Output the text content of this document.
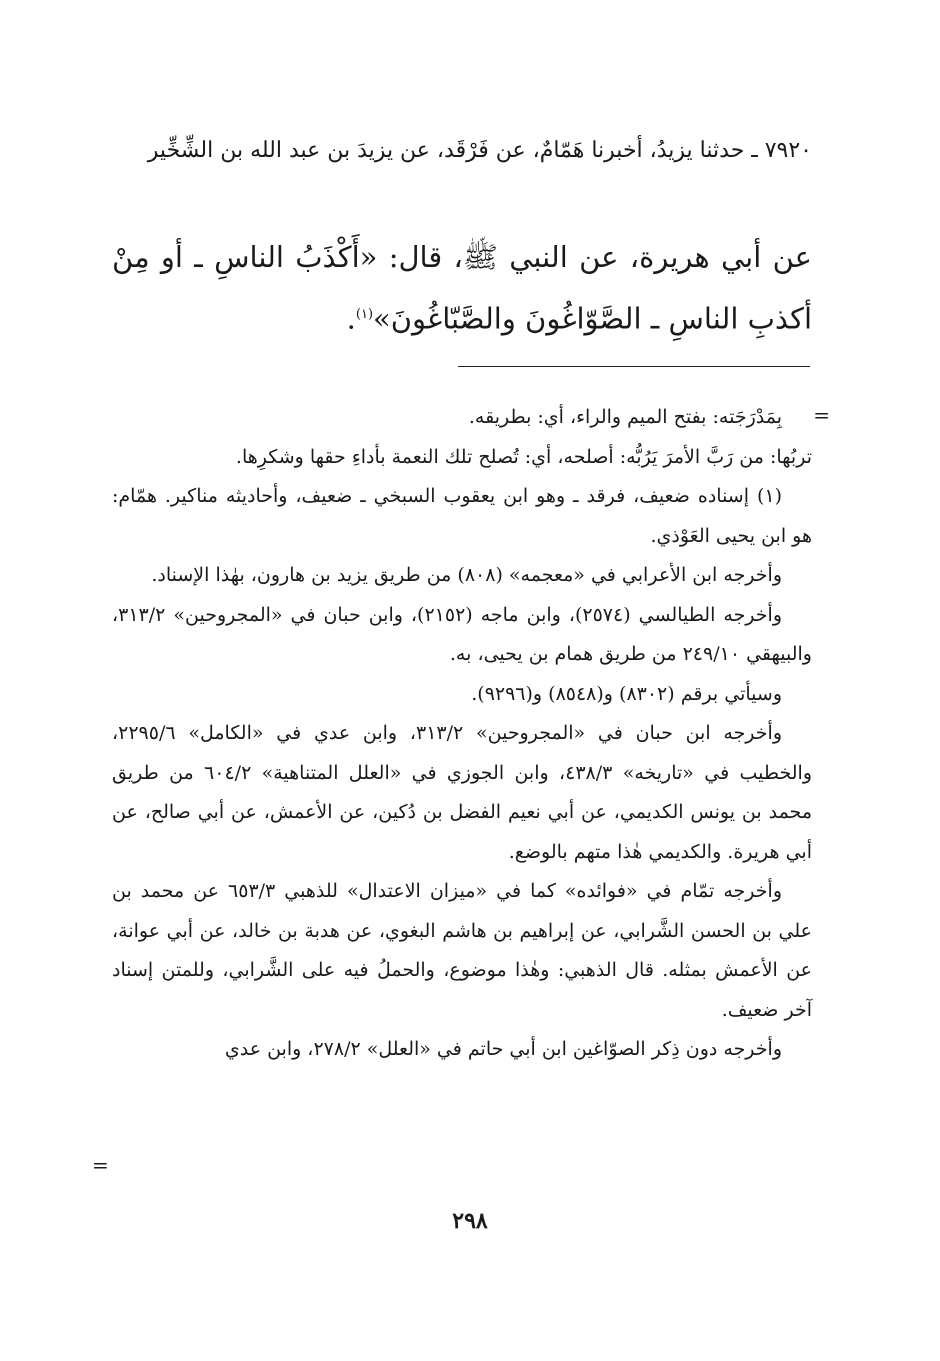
٧٩٢٠ ـ حدثنا يزيدُ، أخبرنا هَمّامٌ، عن فَرْقَد، عن يزيدَ بن عبد الله بن الشِّخِّير
عن أبي هريرة، عن النبي ﷺ، قال: «أَكْذَبُ الناسِ ـ أو مِنْ أكذبِ الناسِ ـ الصَّوّاغُونَ والصَّبّاغُونَ»$^{(١)}$.
=

بِمَدْرَجَته: بفتح الميم والراء، أي: بطريقه.

تربُها: من رَبَّ الأمرَ يَرُبُّه: أصلحه، أي: تُصلح تلك النعمة بأداءِ حقها وشكرِها.

(١) إسناده ضعيف، فرقد ـ وهو ابن يعقوب السبخي ـ ضعيف، وأحاديثه مناكير. همّام: هو ابن يحيى العَوْذي.

وأخرجه ابن الأعرابي في «معجمه» (٨٠٨) من طريق يزيد بن هارون، بهٰذا الإسناد.

وأخرجه الطيالسي (٢٥٧٤)، وابن ماجه (٢١٥٢)، وابن حبان في «المجروحين» ٣١٣/٢، والبيهقي ٢٤٩/١٠ من طريق همام بن يحيى، به.

وسيأتي برقم (٨٣٠٢) و(٨٥٤٨) و(٩٢٩٦).

وأخرجه ابن حبان في «المجروحين» ٣١٣/٢، وابن عدي في «الكامل» ٢٢٩٥/٦، والخطيب في «تاريخه» ٤٣٨/٣، وابن الجوزي في «العلل المتناهية» ٦٠٤/٢ من طريق محمد بن يونس الكديمي، عن أبي نعيم الفضل بن دُكين، عن الأعمش، عن أبي صالح، عن أبي هريرة. والكديمي هٰذا متهم بالوضع.

وأخرجه تمّام في «فوائده» كما في «ميزان الاعتدال» للذهبي ٦٥٣/٣ عن محمد بن علي بن الحسن الشَّرابي، عن إبراهيم بن هاشم البغوي، عن هدبة بن خالد، عن أبي عوانة، عن الأعمش بمثله. قال الذهبي: وهٰذا موضوع، والحملُ فيه على الشَّرابي، وللمتن إسناد آخر ضعيف.

وأخرجه دون ذِكر الصوّاغين ابن أبي حاتم في «العلل» ٢٧٨/٢، وابن عدي

=
٢٩٨
